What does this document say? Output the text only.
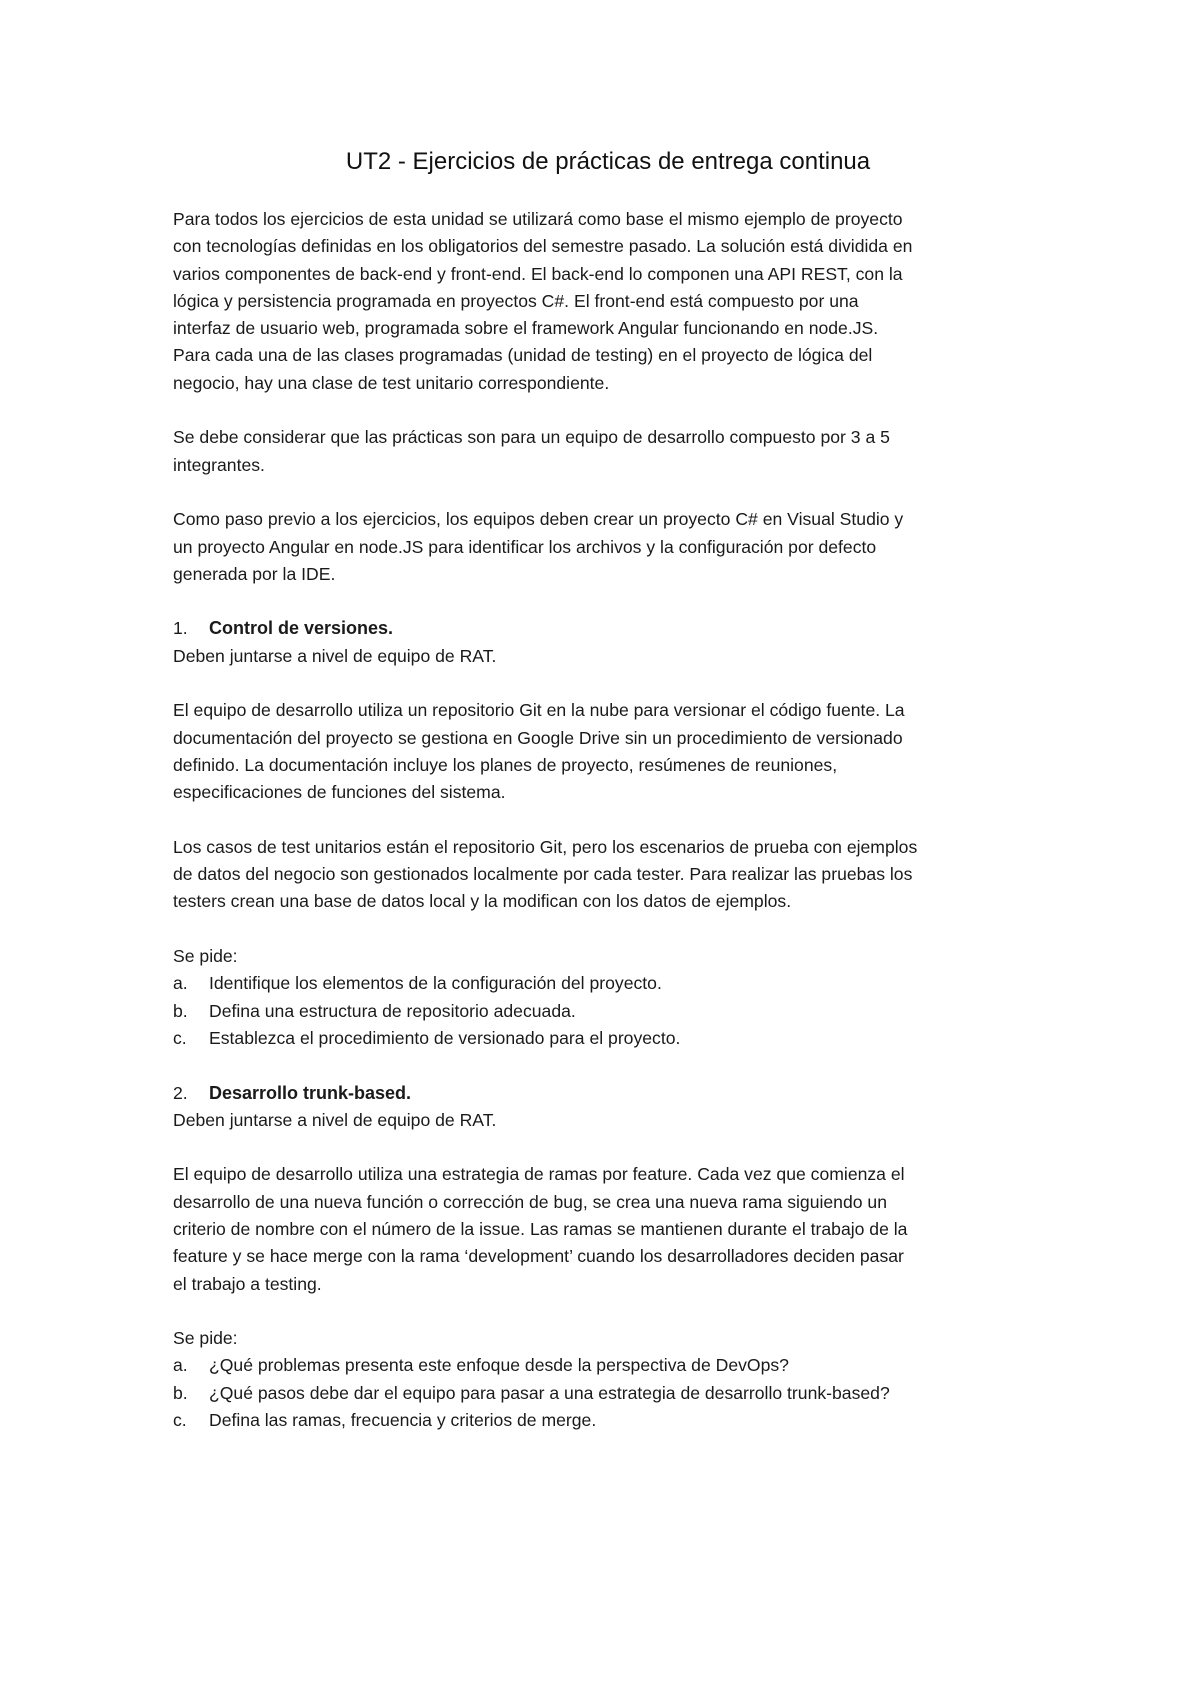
UT2 - Ejercicios de prácticas de entrega continua

Para todos los ejercicios de esta unidad se utilizará como base el mismo ejemplo de proyecto

con tecnologías definidas en los obligatorios del semestre pasado. La solución está dividida en

varios componentes de back-end y front-end. El back-end lo componen una API REST, con la

lógica y persistencia programada en proyectos C#. El front-end está compuesto por una

interfaz de usuario web, programada sobre el framework Angular funcionando en node.JS.

Para cada una de las clases programadas (unidad de testing) en el proyecto de lógica del

negocio, hay una clase de test unitario correspondiente.

Se debe considerar que las prácticas son para un equipo de desarrollo compuesto por 3 a 5

integrantes.

Como paso previo a los ejercicios, los equipos deben crear un proyecto C# en Visual Studio y

un proyecto Angular en node.JS para identificar los archivos y la configuración por defecto

generada por la IDE.

1.	Control de versiones.

Deben juntarse a nivel de equipo de RAT.

El equipo de desarrollo utiliza un repositorio Git en la nube para versionar el código fuente. La

documentación del proyecto se gestiona en Google Drive sin un procedimiento de versionado

definido. La documentación incluye los planes de proyecto, resúmenes de reuniones,

especificaciones de funciones del sistema.

Los casos de test unitarios están el repositorio Git, pero los escenarios de prueba con ejemplos

de datos del negocio son gestionados localmente por cada tester. Para realizar las pruebas los

testers crean una base de datos local y la modifican con los datos de ejemplos.

Se pide:

a.	Identifique los elementos de la configuración del proyecto.
b.	Defina una estructura de repositorio adecuada.
c.	Establezca el procedimiento de versionado para el proyecto.
2.	Desarrollo trunk-based.

Deben juntarse a nivel de equipo de RAT.

El equipo de desarrollo utiliza una estrategia de ramas por feature. Cada vez que comienza el

desarrollo de una nueva función o corrección de bug, se crea una nueva rama siguiendo un

criterio de nombre con el número de la issue. Las ramas se mantienen durante el trabajo de la

feature y se hace merge con la rama ‘development’ cuando los desarrolladores deciden pasar

el trabajo a testing.

Se pide:

a.	¿Qué problemas presenta este enfoque desde la perspectiva de DevOps?
b.	¿Qué pasos debe dar el equipo para pasar a una estrategia de desarrollo trunk-based?
c.	Defina las ramas, frecuencia y criterios de merge.
